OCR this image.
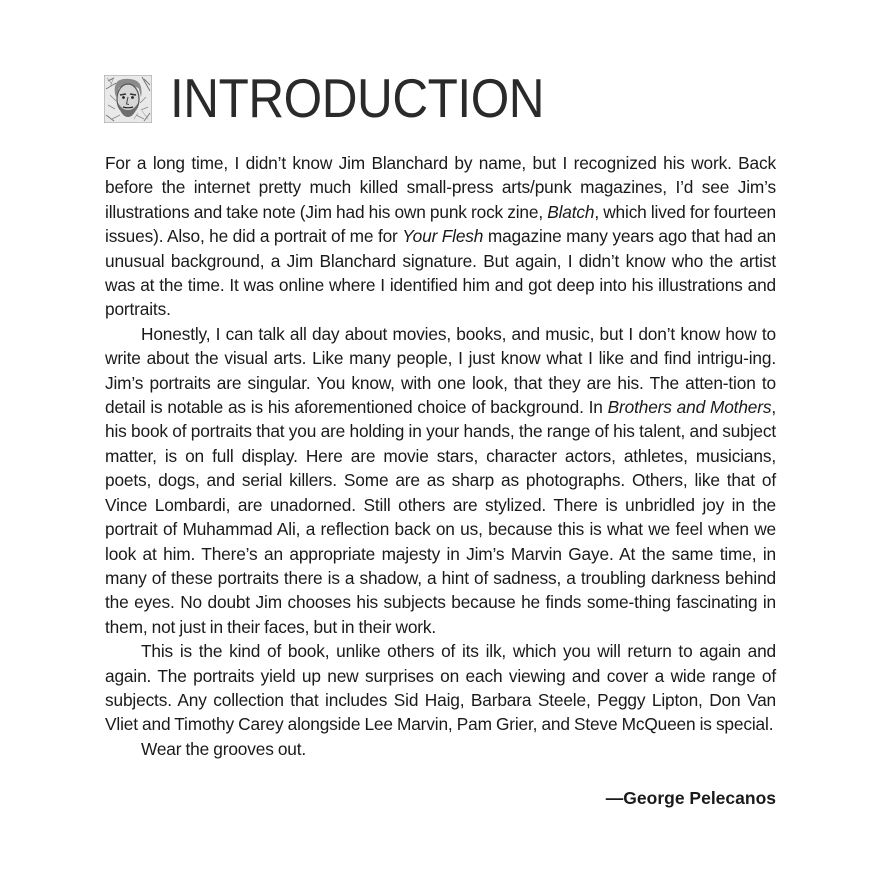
INTRODUCTION

For a long time, I didn’t know Jim Blanchard by name, but I recognized his work. Back before the internet pretty much killed small-press arts/punk magazines, I’d see Jim’s illustrations and take note (Jim had his own punk rock zine, Blatch, which lived for fourteen issues). Also, he did a portrait of me for Your Flesh magazine many years ago that had an unusual background, a Jim Blanchard signature. But again, I didn’t know who the artist was at the time. It was online where I identified him and got deep into his illustrations and portraits.

Honestly, I can talk all day about movies, books, and music, but I don’t know how to write about the visual arts. Like many people, I just know what I like and find intrigu-ing. Jim’s portraits are singular. You know, with one look, that they are his. The atten-tion to detail is notable as is his aforementioned choice of background. In Brothers and Mothers, his book of portraits that you are holding in your hands, the range of his talent, and subject matter, is on full display. Here are movie stars, character actors, athletes, musicians, poets, dogs, and serial killers. Some are as sharp as photographs. Others, like that of Vince Lombardi, are unadorned. Still others are stylized. There is unbridled joy in the portrait of Muhammad Ali, a reflection back on us, because this is what we feel when we look at him. There’s an appropriate majesty in Jim’s Marvin Gaye. At the same time, in many of these portraits there is a shadow, a hint of sadness, a troubling darkness behind the eyes. No doubt Jim chooses his subjects because he finds some-thing fascinating in them, not just in their faces, but in their work.

This is the kind of book, unlike others of its ilk, which you will return to again and again. The portraits yield up new surprises on each viewing and cover a wide range of subjects. Any collection that includes Sid Haig, Barbara Steele, Peggy Lipton, Don Van Vliet and Timothy Carey alongside Lee Marvin, Pam Grier, and Steve McQueen is special.

Wear the grooves out.

—George Pelecanos
